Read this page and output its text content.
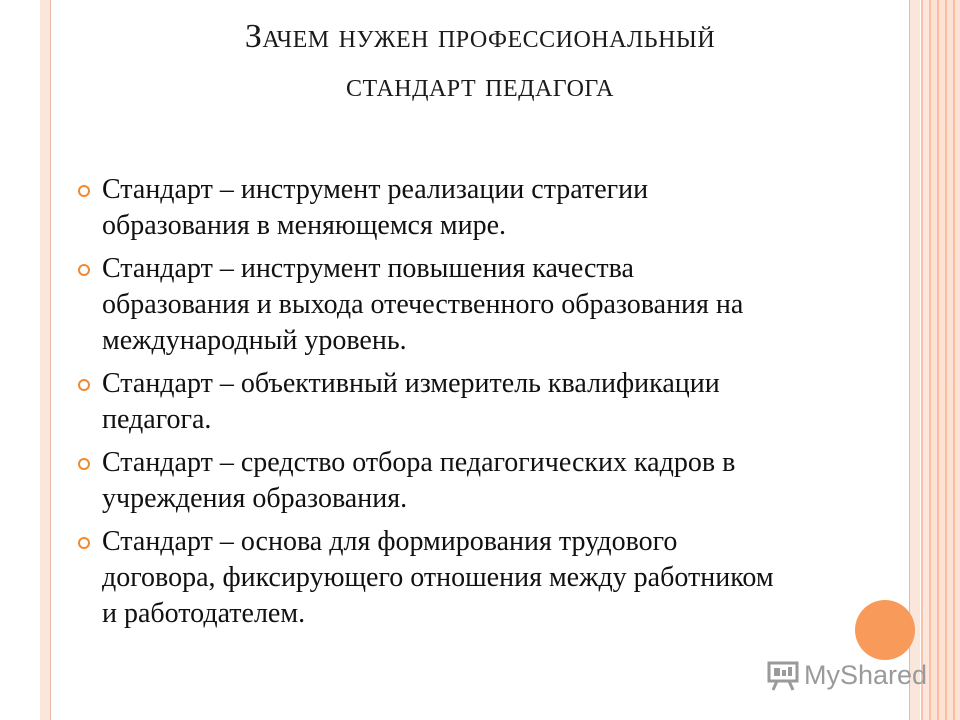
Зачем нужен профессиональный
стандарт педагога
Стандарт – инструмент реализации стратегии
образования в меняющемся мире.
Стандарт – инструмент повышения качества
образования и выхода отечественного образования на
международный уровень.
Стандарт – объективный измеритель квалификации
педагога.
Стандарт – средство отбора педагогических кадров в
учреждения образования.
Стандарт – основа для формирования трудового
договора, фиксирующего отношения между работником
и работодателем.
MyShared
